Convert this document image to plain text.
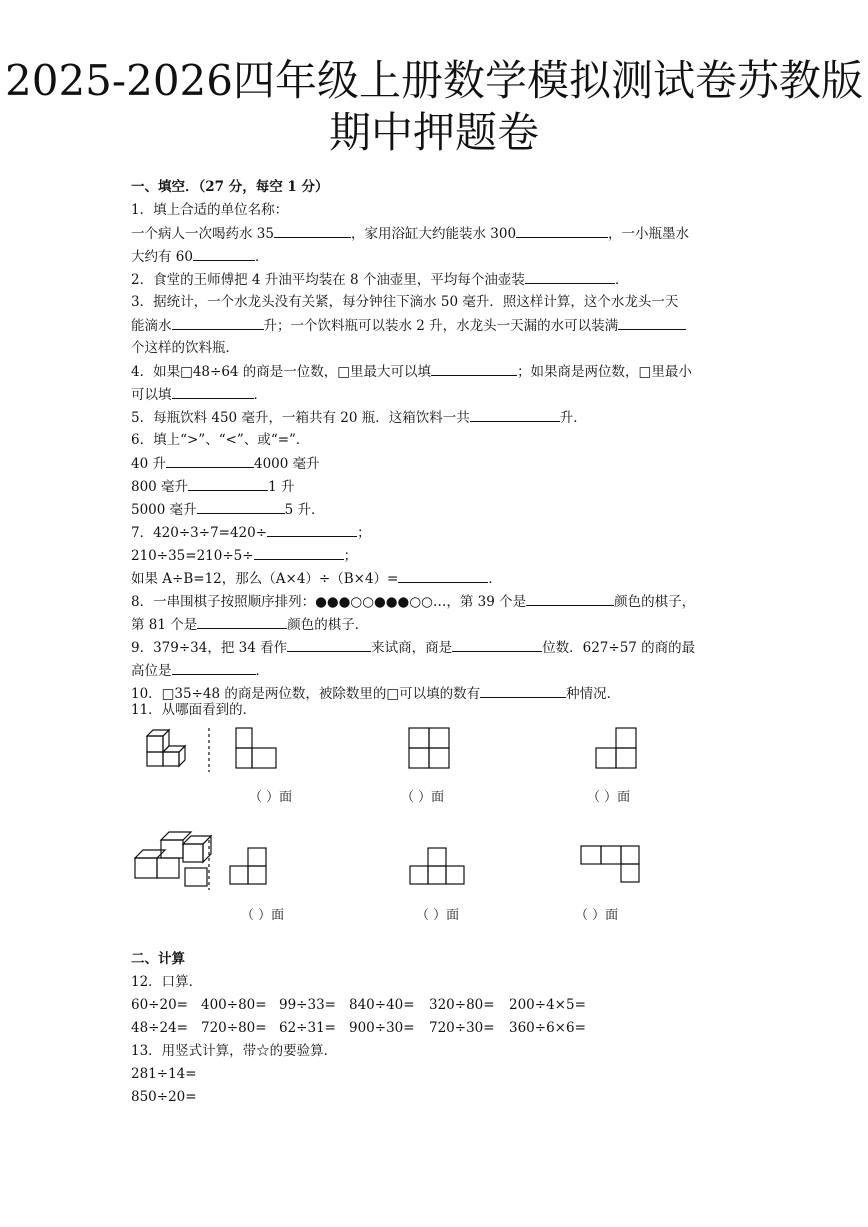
2025-2026四年级上册数学模拟测试卷苏教版
期中押题卷
一、填空．（27 分，每空 1 分）
1．填上合适的单位名称：
一个病人一次喝药水 35	，家用浴缸大约能装水 300	，一小瓶墨水
大约有 60	．
2．食堂的王师傅把 4 升油平均装在 8 个油壶里，平均每个油壶装	．
3．据统计，一个水龙头没有关紧，每分钟往下滴水 50 毫升．照这样计算，这个水龙头一天
能滴水	升；一个饮料瓶可以装水 2 升，水龙头一天漏的水可以装满
个这样的饮料瓶．
4．如果□48÷64 的商是一位数，□里最大可以填	；如果商是两位数，□里最小
可以填	．
5．每瓶饮料 450 毫升，一箱共有 20 瓶．这箱饮料一共	升．
6．填上“>”、“<”、或“=”．
40 升	4000 毫升
800 毫升	1 升
5000 毫升	5 升．
7．420÷3÷7=420÷	；
210÷35=210÷5÷	；
如果 A÷B=12，那么（A×4）÷（B×4）=	．
8．一串围棋子按照顺序排列：●●●○○●●●○○…，第 39 个是	颜色的棋子，
第 81 个是	颜色的棋子．
9．379÷34，把 34 看作	来试商，商是	位数．627÷57 的商的最
高位是	．
10．□35÷48 的商是两位数，被除数里的□可以填的数有	种情况．
11．从哪面看到的．
（ ）面	（ ）面	（ ）面
（ ）面	（ ）面	（ ）面
二、计算
12．口算．
60÷20= 400÷80= 99÷33= 840÷40= 320÷80= 200÷4×5=
48÷24= 720÷80= 62÷31= 900÷30= 720÷30= 360÷6×6=
13．用竖式计算，带☆的要验算．
281÷14=
850÷20=
